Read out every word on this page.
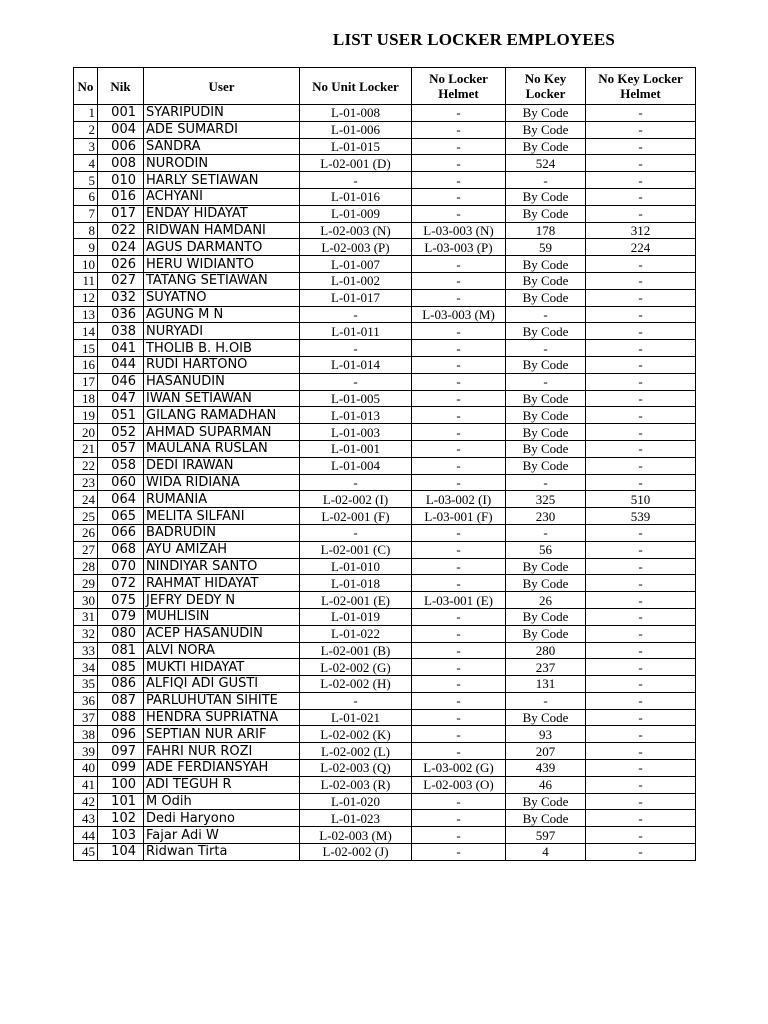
LIST USER LOCKER EMPLOYEES
No	Nik	User	No Unit Locker	No Locker Helmet	No Key Locker	No Key Locker Helmet
1	001	SYARIPUDIN	L-01-008	-	By Code	-
2	004	ADE SUMARDI	L-01-006	-	By Code	-
3	006	SANDRA	L-01-015	-	By Code	-
4	008	NURODIN	L-02-001 (D)	-	524	-
5	010	HARLY SETIAWAN	-	-	-	-
6	016	ACHYANI	L-01-016	-	By Code	-
7	017	ENDAY HIDAYAT	L-01-009	-	By Code	-
8	022	RIDWAN HAMDANI	L-02-003 (N)	L-03-003 (N)	178	312
9	024	AGUS DARMANTO	L-02-003 (P)	L-03-003 (P)	59	224
10	026	HERU WIDIANTO	L-01-007	-	By Code	-
11	027	TATANG SETIAWAN	L-01-002	-	By Code	-
12	032	SUYATNO	L-01-017	-	By Code	-
13	036	AGUNG M N	-	L-03-003 (M)	-	-
14	038	NURYADI	L-01-011	-	By Code	-
15	041	THOLIB B. H.OIB	-	-	-	-
16	044	RUDI HARTONO	L-01-014	-	By Code	-
17	046	HASANUDIN	-	-	-	-
18	047	IWAN SETIAWAN	L-01-005	-	By Code	-
19	051	GILANG RAMADHAN	L-01-013	-	By Code	-
20	052	AHMAD SUPARMAN	L-01-003	-	By Code	-
21	057	MAULANA RUSLAN	L-01-001	-	By Code	-
22	058	DEDI IRAWAN	L-01-004	-	By Code	-
23	060	WIDA RIDIANA	-	-	-	-
24	064	RUMANIA	L-02-002 (I)	L-03-002 (I)	325	510
25	065	MELITA SILFANI	L-02-001 (F)	L-03-001 (F)	230	539
26	066	BADRUDIN	-	-	-	-
27	068	AYU AMIZAH	L-02-001 (C)	-	56	-
28	070	NINDIYAR SANTO	L-01-010	-	By Code	-
29	072	RAHMAT HIDAYAT	L-01-018	-	By Code	-
30	075	JEFRY DEDY N	L-02-001 (E)	L-03-001 (E)	26	-
31	079	MUHLISIN	L-01-019	-	By Code	-
32	080	ACEP HASANUDIN	L-01-022	-	By Code	-
33	081	ALVI NORA	L-02-001 (B)	-	280	-
34	085	MUKTI HIDAYAT	L-02-002 (G)	-	237	-
35	086	ALFIQI ADI GUSTI	L-02-002 (H)	-	131	-
36	087	PARLUHUTAN SIHITE	-	-	-	-
37	088	HENDRA SUPRIATNA	L-01-021	-	By Code	-
38	096	SEPTIAN NUR ARIF	L-02-002 (K)	-	93	-
39	097	FAHRI NUR ROZI	L-02-002 (L)	-	207	-
40	099	ADE FERDIANSYAH	L-02-003 (Q)	L-03-002 (G)	439	-
41	100	ADI TEGUH R	L-02-003 (R)	L-02-003 (O)	46	-
42	101	M Odih	L-01-020	-	By Code	-
43	102	Dedi Haryono	L-01-023	-	By Code	-
44	103	Fajar Adi W	L-02-003 (M)	-	597	-
45	104	Ridwan Tirta	L-02-002 (J)	-	4	-
